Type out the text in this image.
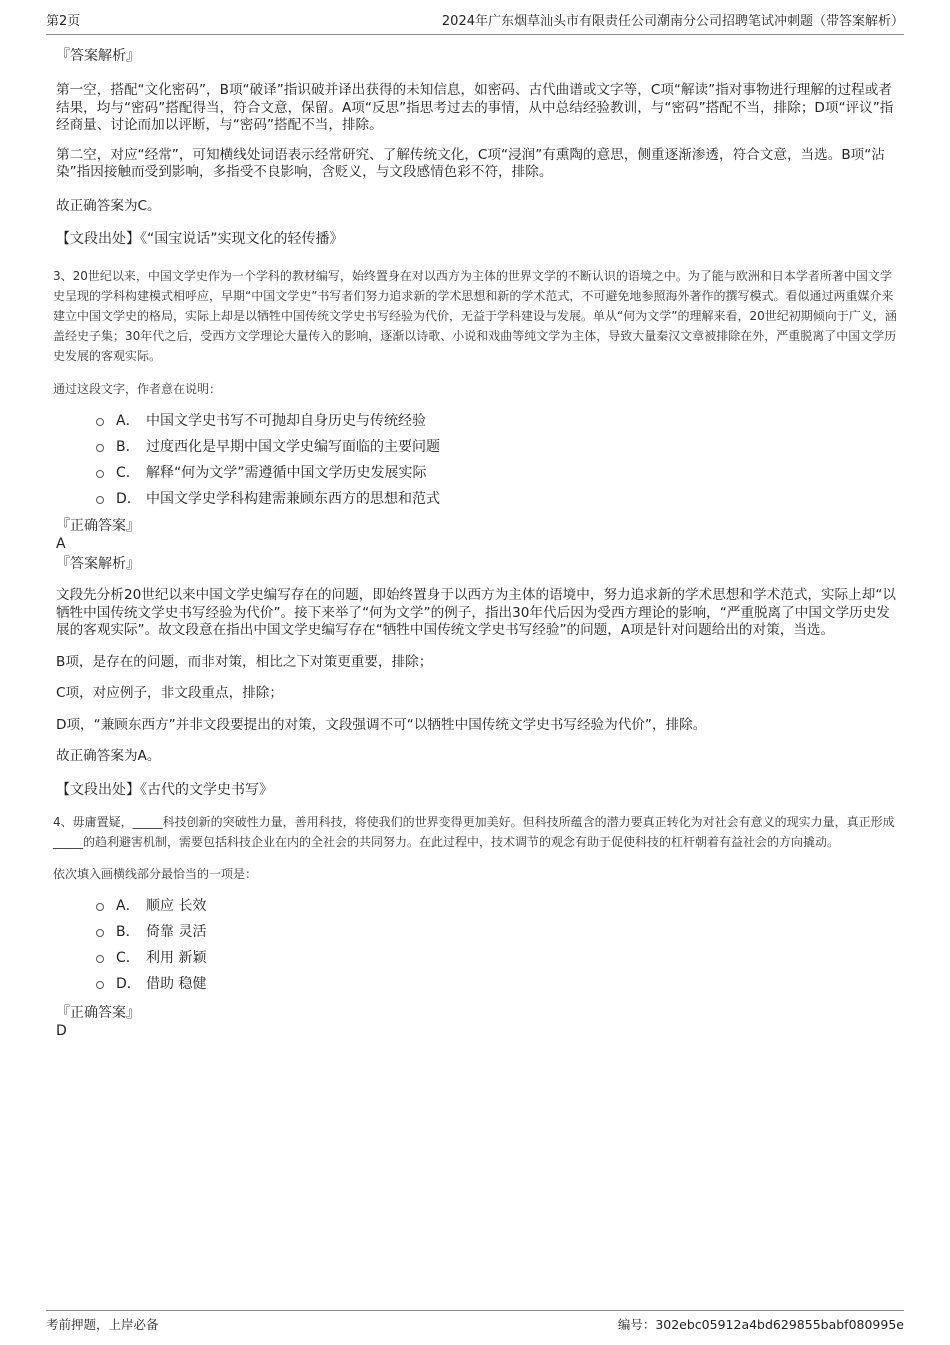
第2页	2024年广东烟草汕头市有限责任公司潮南分公司招聘笔试冲刺题（带答案解析）

『答案解析』

第一空，搭配“文化密码”，B项“破译”指识破并译出获得的未知信息，如密码、古代曲谱或文字等，C项“解读”指对事物进行理解的过程或者结果，均与“密码”搭配得当，符合文意，保留。A项“反思”指思考过去的事情，从中总结经验教训，与“密码”搭配不当，排除；D项“评议”指经商量、讨论而加以评断，与“密码”搭配不当，排除。

第二空，对应“经常”，可知横线处词语表示经常研究、了解传统文化，C项“浸润”有熏陶的意思，侧重逐渐渗透，符合文意，当选。B项“沾染”指因接触而受到影响，多指受不良影响，含贬义，与文段感情色彩不符，排除。

故正确答案为C。

【文段出处】《“国宝说话”实现文化的轻传播》

3、20世纪以来，中国文学史作为一个学科的教材编写，始终置身在对以西方为主体的世界文学的不断认识的语境之中。为了能与欧洲和日本学者所著中国文学史呈现的学科构建模式相呼应，早期“中国文学史”书写者们努力追求新的学术思想和新的学术范式，不可避免地参照海外著作的撰写模式。看似通过两重媒介来建立中国文学史的格局，实际上却是以牺牲中国传统文学史书写经验为代价，无益于学科建设与发展。单从“何为文学”的理解来看，20世纪初期倾向于广义，涵盖经史子集；30年代之后，受西方文学理论大量传入的影响，逐渐以诗歌、小说和戏曲等纯文学为主体，导致大量秦汉文章被排除在外，严重脱离了中国文学历史发展的客观实际。

通过这段文字，作者意在说明：

A． 中国文学史书写不可抛却自身历史与传统经验
B． 过度西化是早期中国文学史编写面临的主要问题
C． 解释“何为文学”需遵循中国文学历史发展实际
D． 中国文学史学科构建需兼顾东西方的思想和范式

『正确答案』

A

『答案解析』

文段先分析20世纪以来中国文学史编写存在的问题，即始终置身于以西方为主体的语境中，努力追求新的学术思想和学术范式，实际上却“以牺牲中国传统文学史书写经验为代价”。接下来举了“何为文学”的例子，指出30年代后因为受西方理论的影响，“严重脱离了中国文学历史发展的客观实际”。故文段意在指出中国文学史编写存在“牺牲中国传统文学史书写经验”的问题，A项是针对问题给出的对策，当选。

B项，是存在的问题，而非对策，相比之下对策更重要，排除；

C项，对应例子，非文段重点，排除；

D项，“兼顾东西方”并非文段要提出的对策，文段强调不可“以牺牲中国传统文学史书写经验为代价”，排除。

故正确答案为A。

【文段出处】《古代的文学史书写》

4、毋庸置疑，_____科技创新的突破性力量，善用科技，将使我们的世界变得更加美好。但科技所蕴含的潜力要真正转化为对社会有意义的现实力量，真正形成_____的趋利避害机制，需要包括科技企业在内的全社会的共同努力。在此过程中，技术调节的观念有助于促使科技的杠杆朝着有益社会的方向撬动。

依次填入画横线部分最恰当的一项是：

A． 顺应 长效
B． 倚靠 灵活
C． 利用 新颖
D． 借助 稳健

『正确答案』

D

考前押题，上岸必备	编号：302ebc05912a4bd629855babf080995e
